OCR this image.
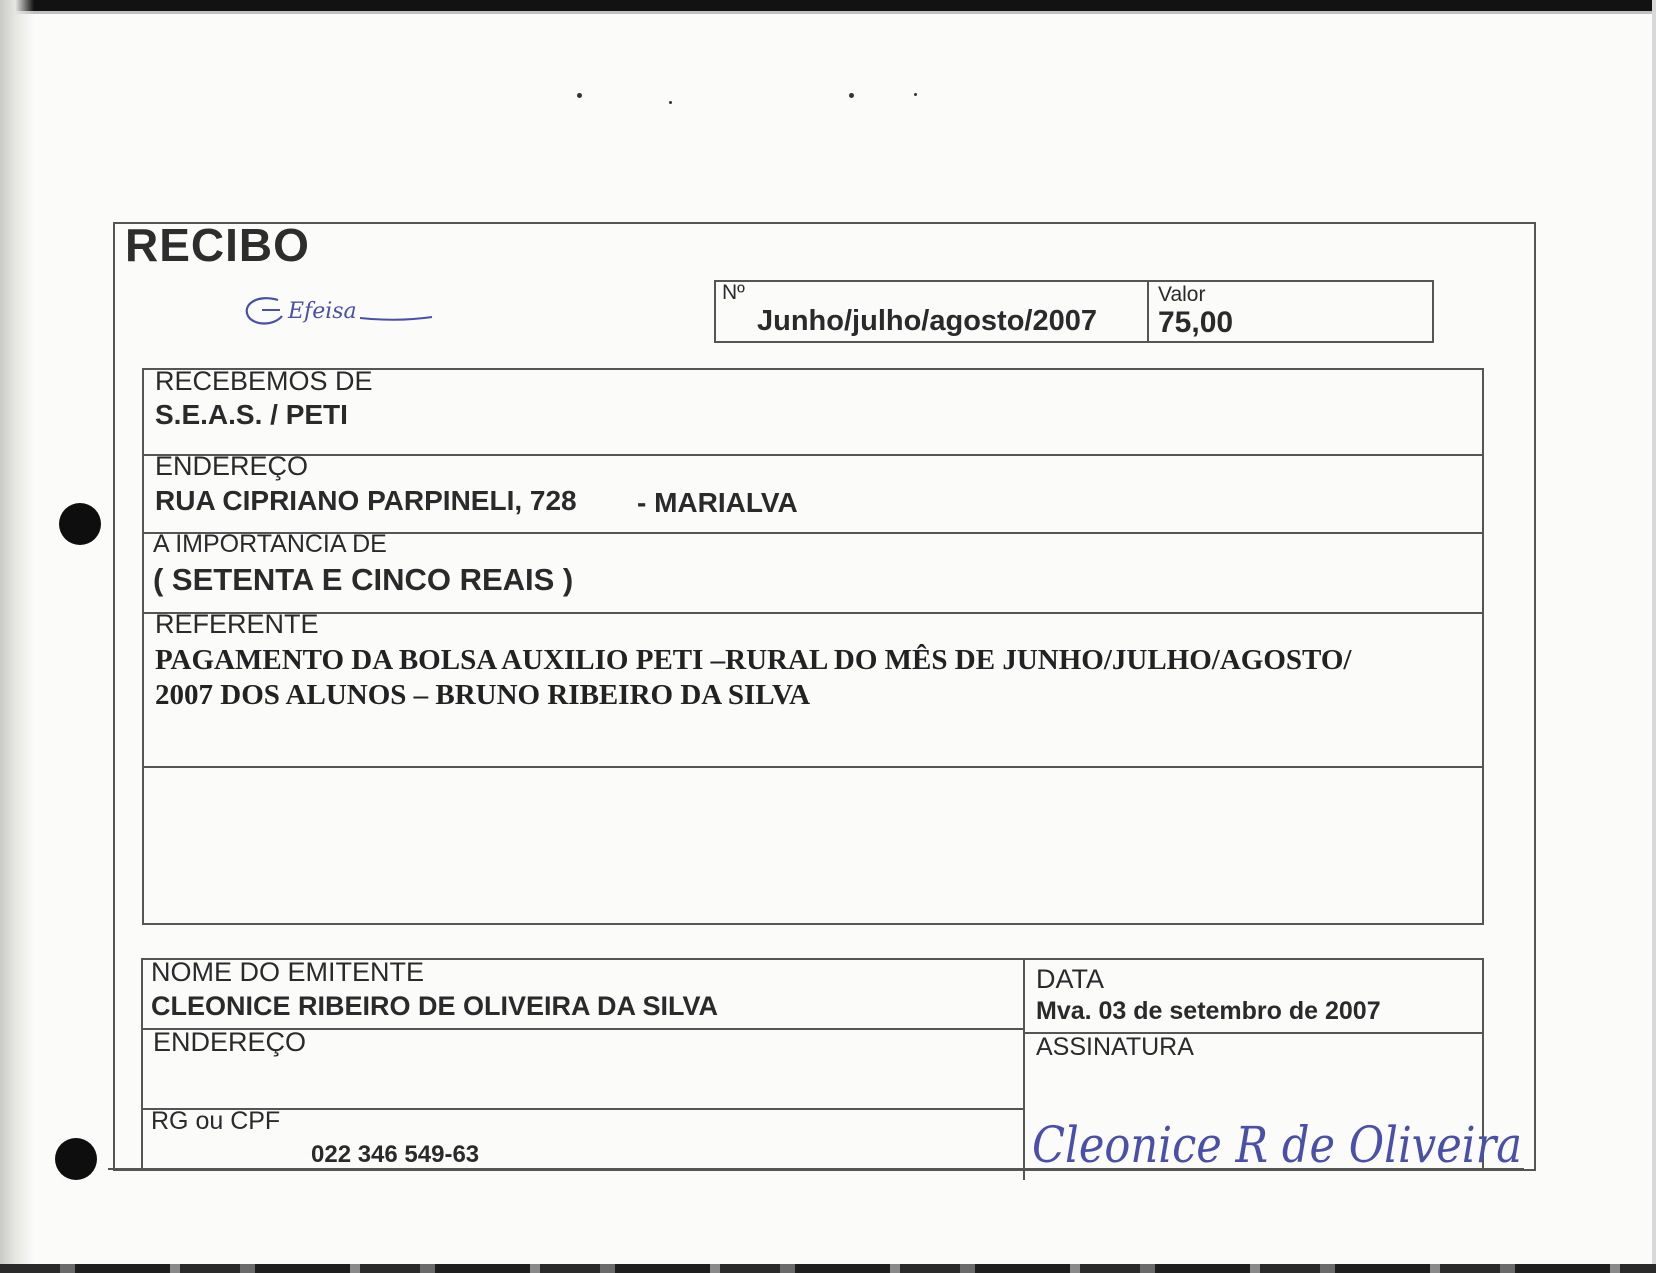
RECIBO
Efeisa
Nº
Junho/julho/agosto/2007
Valor
75,00
RECEBEMOS DE
S.E.A.S. / PETI
ENDEREÇO
RUA CIPRIANO PARPINELI, 728 - MARIALVA
A IMPORTANCIA DE
( SETENTA E CINCO REAIS )
REFERENTE
PAGAMENTO DA BOLSA AUXILIO PETI –RURAL DO MÊS DE JUNHO/JULHO/AGOSTO/
2007 DOS ALUNOS – BRUNO RIBEIRO DA SILVA
NOME DO EMITENTE
CLEONICE RIBEIRO DE OLIVEIRA DA SILVA
ENDEREÇO
RG ou CPF
022 346 549-63
DATA
Mva. 03 de setembro de 2007
ASSINATURA
Cleonice R de Oliveira
